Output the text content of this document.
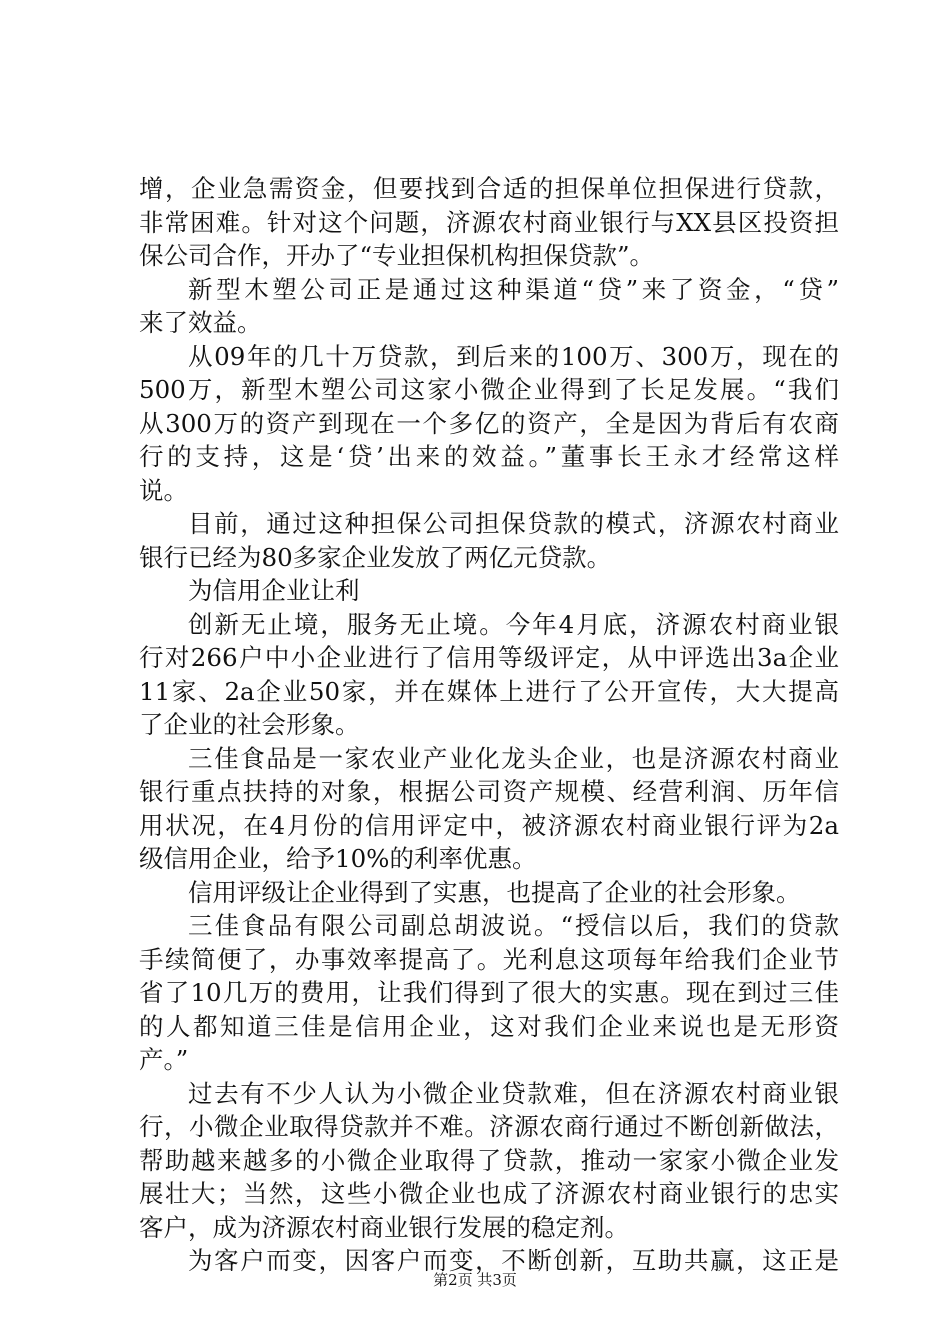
增，企业急需资金，但要找到合适的担保单位担保进行贷款，
非常困难。针对这个问题，济源农村商业银行与XX县区投资担
保公司合作，开办了“专业担保机构担保贷款”。
新型木塑公司正是通过这种渠道“贷”来了资金，“贷”
来了效益。
从09年的几十万贷款，到后来的100万、300万，现在的
500万，新型木塑公司这家小微企业得到了长足发展。“我们
从300万的资产到现在一个多亿的资产，全是因为背后有农商
行的支持，这是‘贷’出来的效益。”董事长王永才经常这样
说。
目前，通过这种担保公司担保贷款的模式，济源农村商业
银行已经为80多家企业发放了两亿元贷款。
为信用企业让利
创新无止境，服务无止境。今年4月底，济源农村商业银
行对266户中小企业进行了信用等级评定，从中评选出3a企业
11家、2a企业50家，并在媒体上进行了公开宣传，大大提高
了企业的社会形象。
三佳食品是一家农业产业化龙头企业，也是济源农村商业
银行重点扶持的对象，根据公司资产规模、经营利润、历年信
用状况，在4月份的信用评定中，被济源农村商业银行评为2a
级信用企业，给予10%的利率优惠。
信用评级让企业得到了实惠，也提高了企业的社会形象。
三佳食品有限公司副总胡波说。“授信以后，我们的贷款
手续简便了，办事效率提高了。光利息这项每年给我们企业节
省了10几万的费用，让我们得到了很大的实惠。现在到过三佳
的人都知道三佳是信用企业，这对我们企业来说也是无形资
产。”
过去有不少人认为小微企业贷款难，但在济源农村商业银
行，小微企业取得贷款并不难。济源农商行通过不断创新做法，
帮助越来越多的小微企业取得了贷款，推动一家家小微企业发
展壮大；当然，这些小微企业也成了济源农村商业银行的忠实
客户，成为济源农村商业银行发展的稳定剂。
为客户而变，因客户而变，不断创新，互助共赢，这正是
第2页 共3页
